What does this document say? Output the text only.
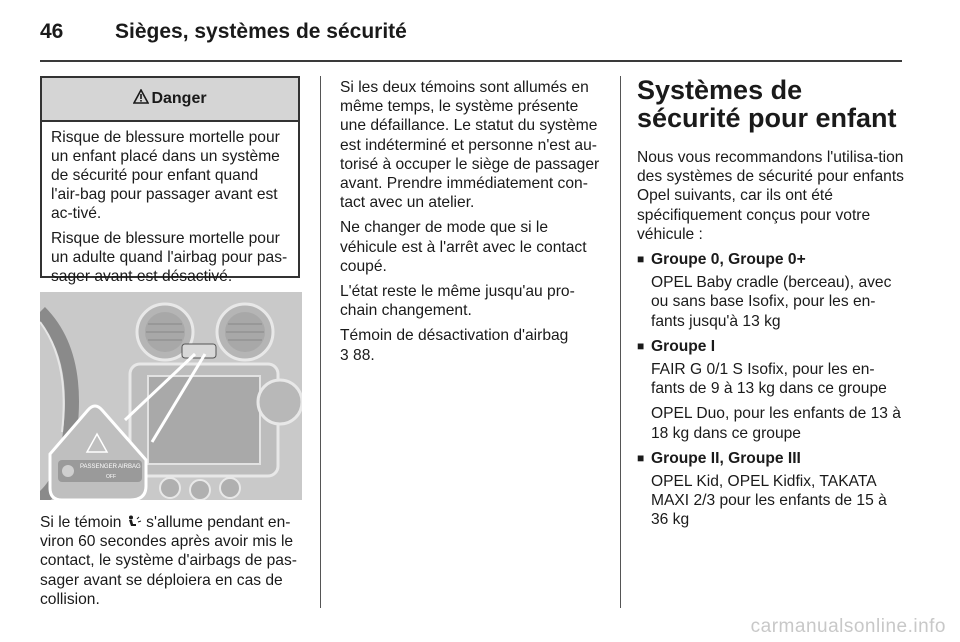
46 Sièges, systèmes de sécurité
Danger

Risque de blessure mortelle pour un enfant placé dans un système de sécurité pour enfant quand l'air-bag pour passager avant est ac-tivé.

Risque de blessure mortelle pour un adulte quand l'airbag pour pas-sager avant est désactivé.

PASSENGER AIRBAG
OFF

Si le témoin s'allume pendant en-viron 60 secondes après avoir mis le contact, le système d'airbags de pas-sager avant se déploiera en cas de collision.

Si les deux témoins sont allumés en même temps, le système présente une défaillance. Le statut du système est indéterminé et personne n'est au-torisé à occuper le siège de passager avant. Prendre immédiatement con-tact avec un atelier.

Ne changer de mode que si le véhicule est à l'arrêt avec le contact coupé.

L'état reste le même jusqu'au pro-chain changement.

Témoin de désactivation d'airbag
3 88.

Systèmes de sécurité pour enfant

Nous vous recommandons l'utilisa-tion des systèmes de sécurité pour enfants Opel suivants, car ils ont été spécifiquement conçus pour votre véhicule :

■ Groupe 0, Groupe 0+

OPEL Baby cradle (berceau), avec ou sans base Isofix, pour les en-fants jusqu'à 13 kg

■ Groupe I

FAIR G 0/1 S Isofix, pour les en-fants de 9 à 13 kg dans ce groupe

OPEL Duo, pour les enfants de 13 à 18 kg dans ce groupe

■ Groupe II, Groupe III

OPEL Kid, OPEL Kidfix, TAKATA MAXI 2/3 pour les enfants de 15 à 36 kg

carmanualsonline.info
